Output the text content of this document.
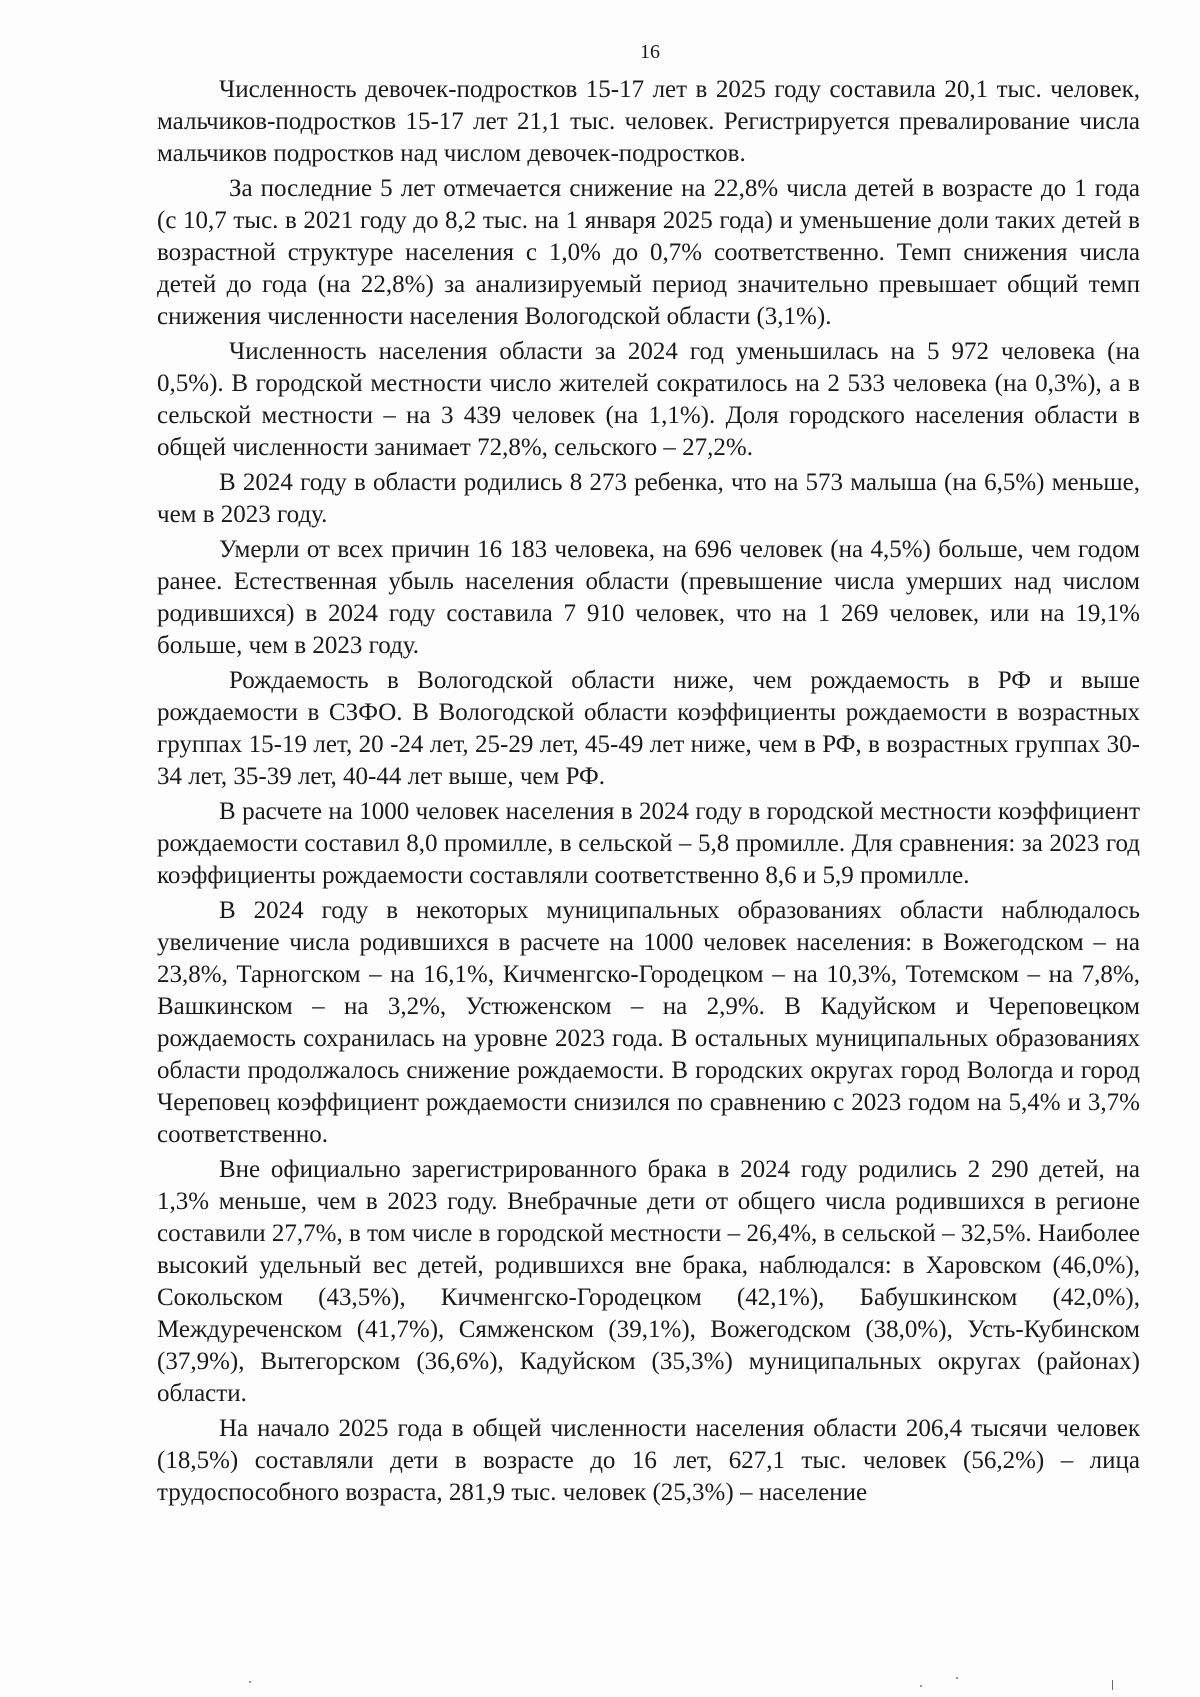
16

Численность девочек-подростков 15-17 лет в 2025 году составила 20,1 тыс. человек, мальчиков-подростков 15-17 лет 21,1 тыс. человек. Регистрируется превалирование числа мальчиков подростков над числом девочек-подростков.

За последние 5 лет отмечается снижение на 22,8% числа детей в возрасте до 1 года (с 10,7 тыс. в 2021 году до 8,2 тыс. на 1 января 2025 года) и уменьшение доли таких детей в возрастной структуре населения с 1,0% до 0,7% соответственно. Темп снижения числа детей до года (на 22,8%) за анализируемый период значительно превышает общий темп снижения численности населения Вологодской области (3,1%).

Численность населения области за 2024 год уменьшилась на 5 972 человека (на 0,5%). В городской местности число жителей сократилось на 2 533 человека (на 0,3%), а в сельской местности – на 3 439 человек (на 1,1%). Доля городского населения области в общей численности занимает 72,8%, сельского – 27,2%.

В 2024 году в области родились 8 273 ребенка, что на 573 малыша (на 6,5%) меньше, чем в 2023 году.

Умерли от всех причин 16 183 человека, на 696 человек (на 4,5%) больше, чем годом ранее. Естественная убыль населения области (превышение числа умерших над числом родившихся) в 2024 году составила 7 910 человек, что на 1 269 человек, или на 19,1% больше, чем в 2023 году.

Рождаемость в Вологодской области ниже, чем рождаемость в РФ и выше рождаемости в СЗФО. В Вологодской области коэффициенты рождаемости в возрастных группах 15-19 лет, 20 -24 лет, 25-29 лет, 45-49 лет ниже, чем в РФ, в возрастных группах 30-34 лет, 35-39 лет, 40-44 лет выше, чем РФ.

В расчете на 1000 человек населения в 2024 году в городской местности коэффициент рождаемости составил 8,0 промилле, в сельской – 5,8 промилле. Для сравнения: за 2023 год коэффициенты рождаемости составляли соответственно 8,6 и 5,9 промилле.

В 2024 году в некоторых муниципальных образованиях области наблюдалось увеличение числа родившихся в расчете на 1000 человек населения: в Вожегодском – на 23,8%, Тарногском – на 16,1%, Кичменгско-Городецком – на 10,3%, Тотемском – на 7,8%, Вашкинском – на 3,2%, Устюженском – на 2,9%. В Кадуйском и Череповецком рождаемость сохранилась на уровне 2023 года. В остальных муниципальных образованиях области продолжалось снижение рождаемости. В городских округах город Вологда и город Череповец коэффициент рождаемости снизился по сравнению с 2023 годом на 5,4% и 3,7% соответственно.

Вне официально зарегистрированного брака в 2024 году родились 2 290 детей, на 1,3% меньше, чем в 2023 году. Внебрачные дети от общего числа родившихся в регионе составили 27,7%, в том числе в городской местности – 26,4%, в сельской – 32,5%. Наиболее высокий удельный вес детей, родившихся вне брака, наблюдался: в Харовском (46,0%), Сокольском (43,5%), Кичменгско-Городецком (42,1%), Бабушкинском (42,0%), Междуреченском (41,7%), Сямженском (39,1%), Вожегодском (38,0%), Усть-Кубинском (37,9%), Вытегорском (36,6%), Кадуйском (35,3%) муниципальных округах (районах) области.

На начало 2025 года в общей численности населения области 206,4 тысячи человек (18,5%) составляли дети в возрасте до 16 лет, 627,1 тыс. человек (56,2%) – лица трудоспособного возраста, 281,9 тыс. человек (25,3%) – население
